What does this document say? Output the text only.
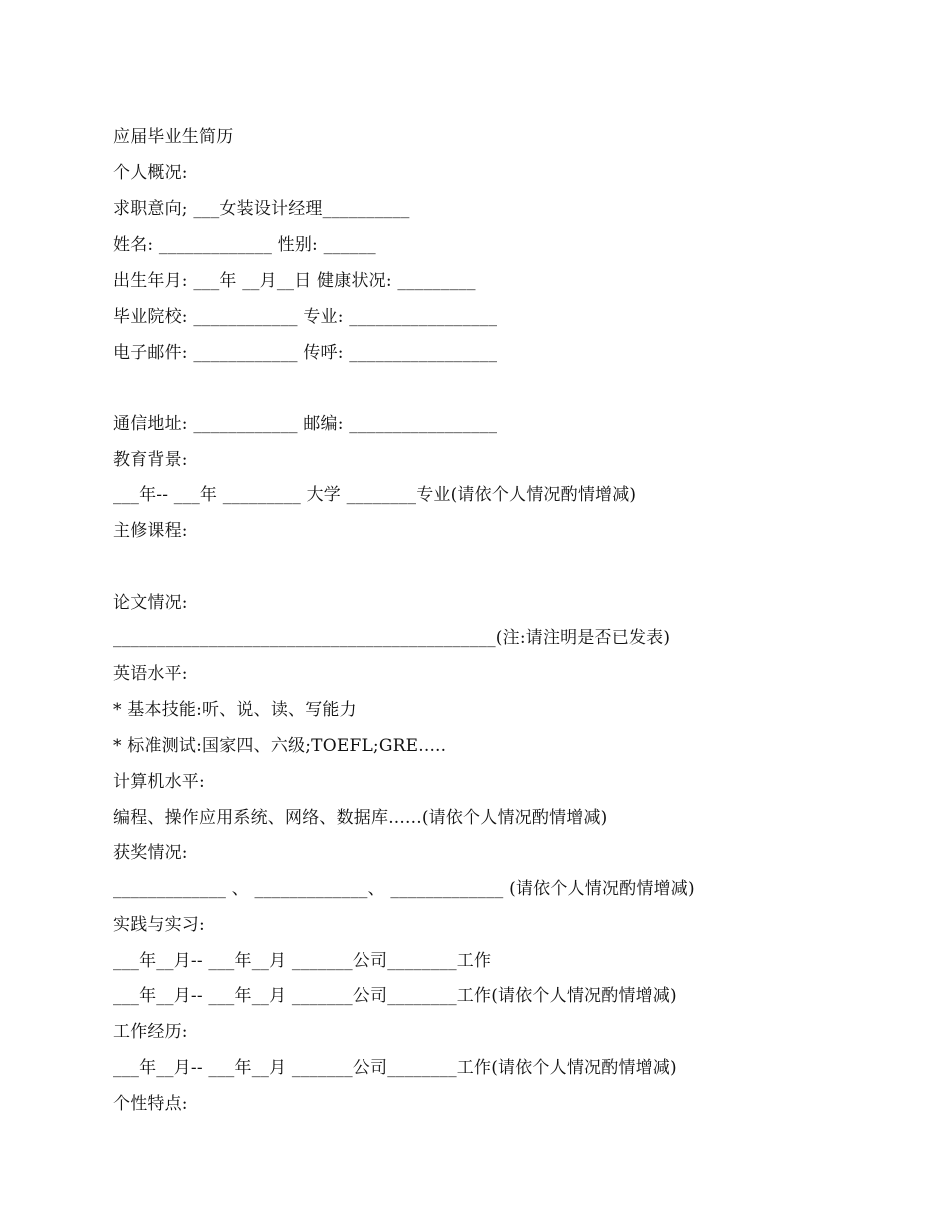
应届毕业生简历
个人概况:
求职意向; ___女装设计经理__________
姓名: _____________ 性别: ______
出生年月: ___年 __月__日 健康状况: _________
毕业院校: ____________ 专业: _________________
电子邮件: ____________ 传呼: _________________
通信地址: ____________ 邮编: _________________
教育背景:
___年-- ___年 _________ 大学 ________专业(请依个人情况酌情增减)
主修课程:
论文情况:
____________________________________________(注:请注明是否已发表)
英语水平:
* 基本技能:听、说、读、写能力
* 标准测试:国家四、六级;TOEFL;GRE.....
计算机水平:
编程、操作应用系统、网络、数据库......(请依个人情况酌情增减)
获奖情况:
_____________ 、 _____________、 _____________ (请依个人情况酌情增减)
实践与实习:
___年__月-- ___年__月 _______公司________工作
___年__月-- ___年__月 _______公司________工作(请依个人情况酌情增减)
工作经历:
___年__月-- ___年__月 _______公司________工作(请依个人情况酌情增减)
个性特点:
